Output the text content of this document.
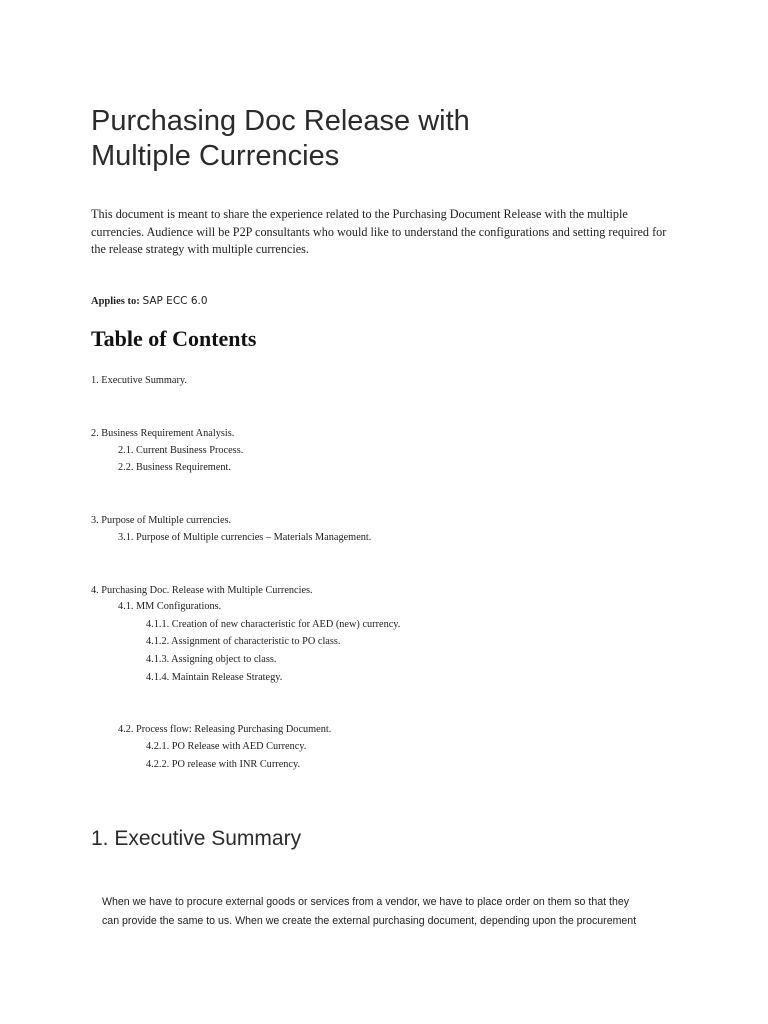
Purchasing Doc Release with
Multiple Currencies

This document is meant to share the experience related to the Purchasing Document Release with the multiple currencies. Audience will be P2P consultants who would like to understand the configurations and setting required for the release strategy with multiple currencies.

Applies to: SAP ECC 6.0

Table of Contents

1. Executive Summary.

2. Business Requirement Analysis.

2.1. Current Business Process.

2.2. Business Requirement.

3. Purpose of Multiple currencies.

3.1. Purpose of Multiple currencies – Materials Management.

4. Purchasing Doc. Release with Multiple Currencies.

4.1. MM Configurations.

4.1.1. Creation of new characteristic for AED (new) currency.

4.1.2. Assignment of characteristic to PO class.

4.1.3. Assigning object to class.

4.1.4. Maintain Release Strategy.

4.2. Process flow: Releasing Purchasing Document.

4.2.1. PO Release with AED Currency.

4.2.2. PO release with INR Currency.

1. Executive Summary

When we have to procure external goods or services from a vendor, we have to place order on them so that they
can provide the same to us. When we create the external purchasing document, depending upon the procurement
